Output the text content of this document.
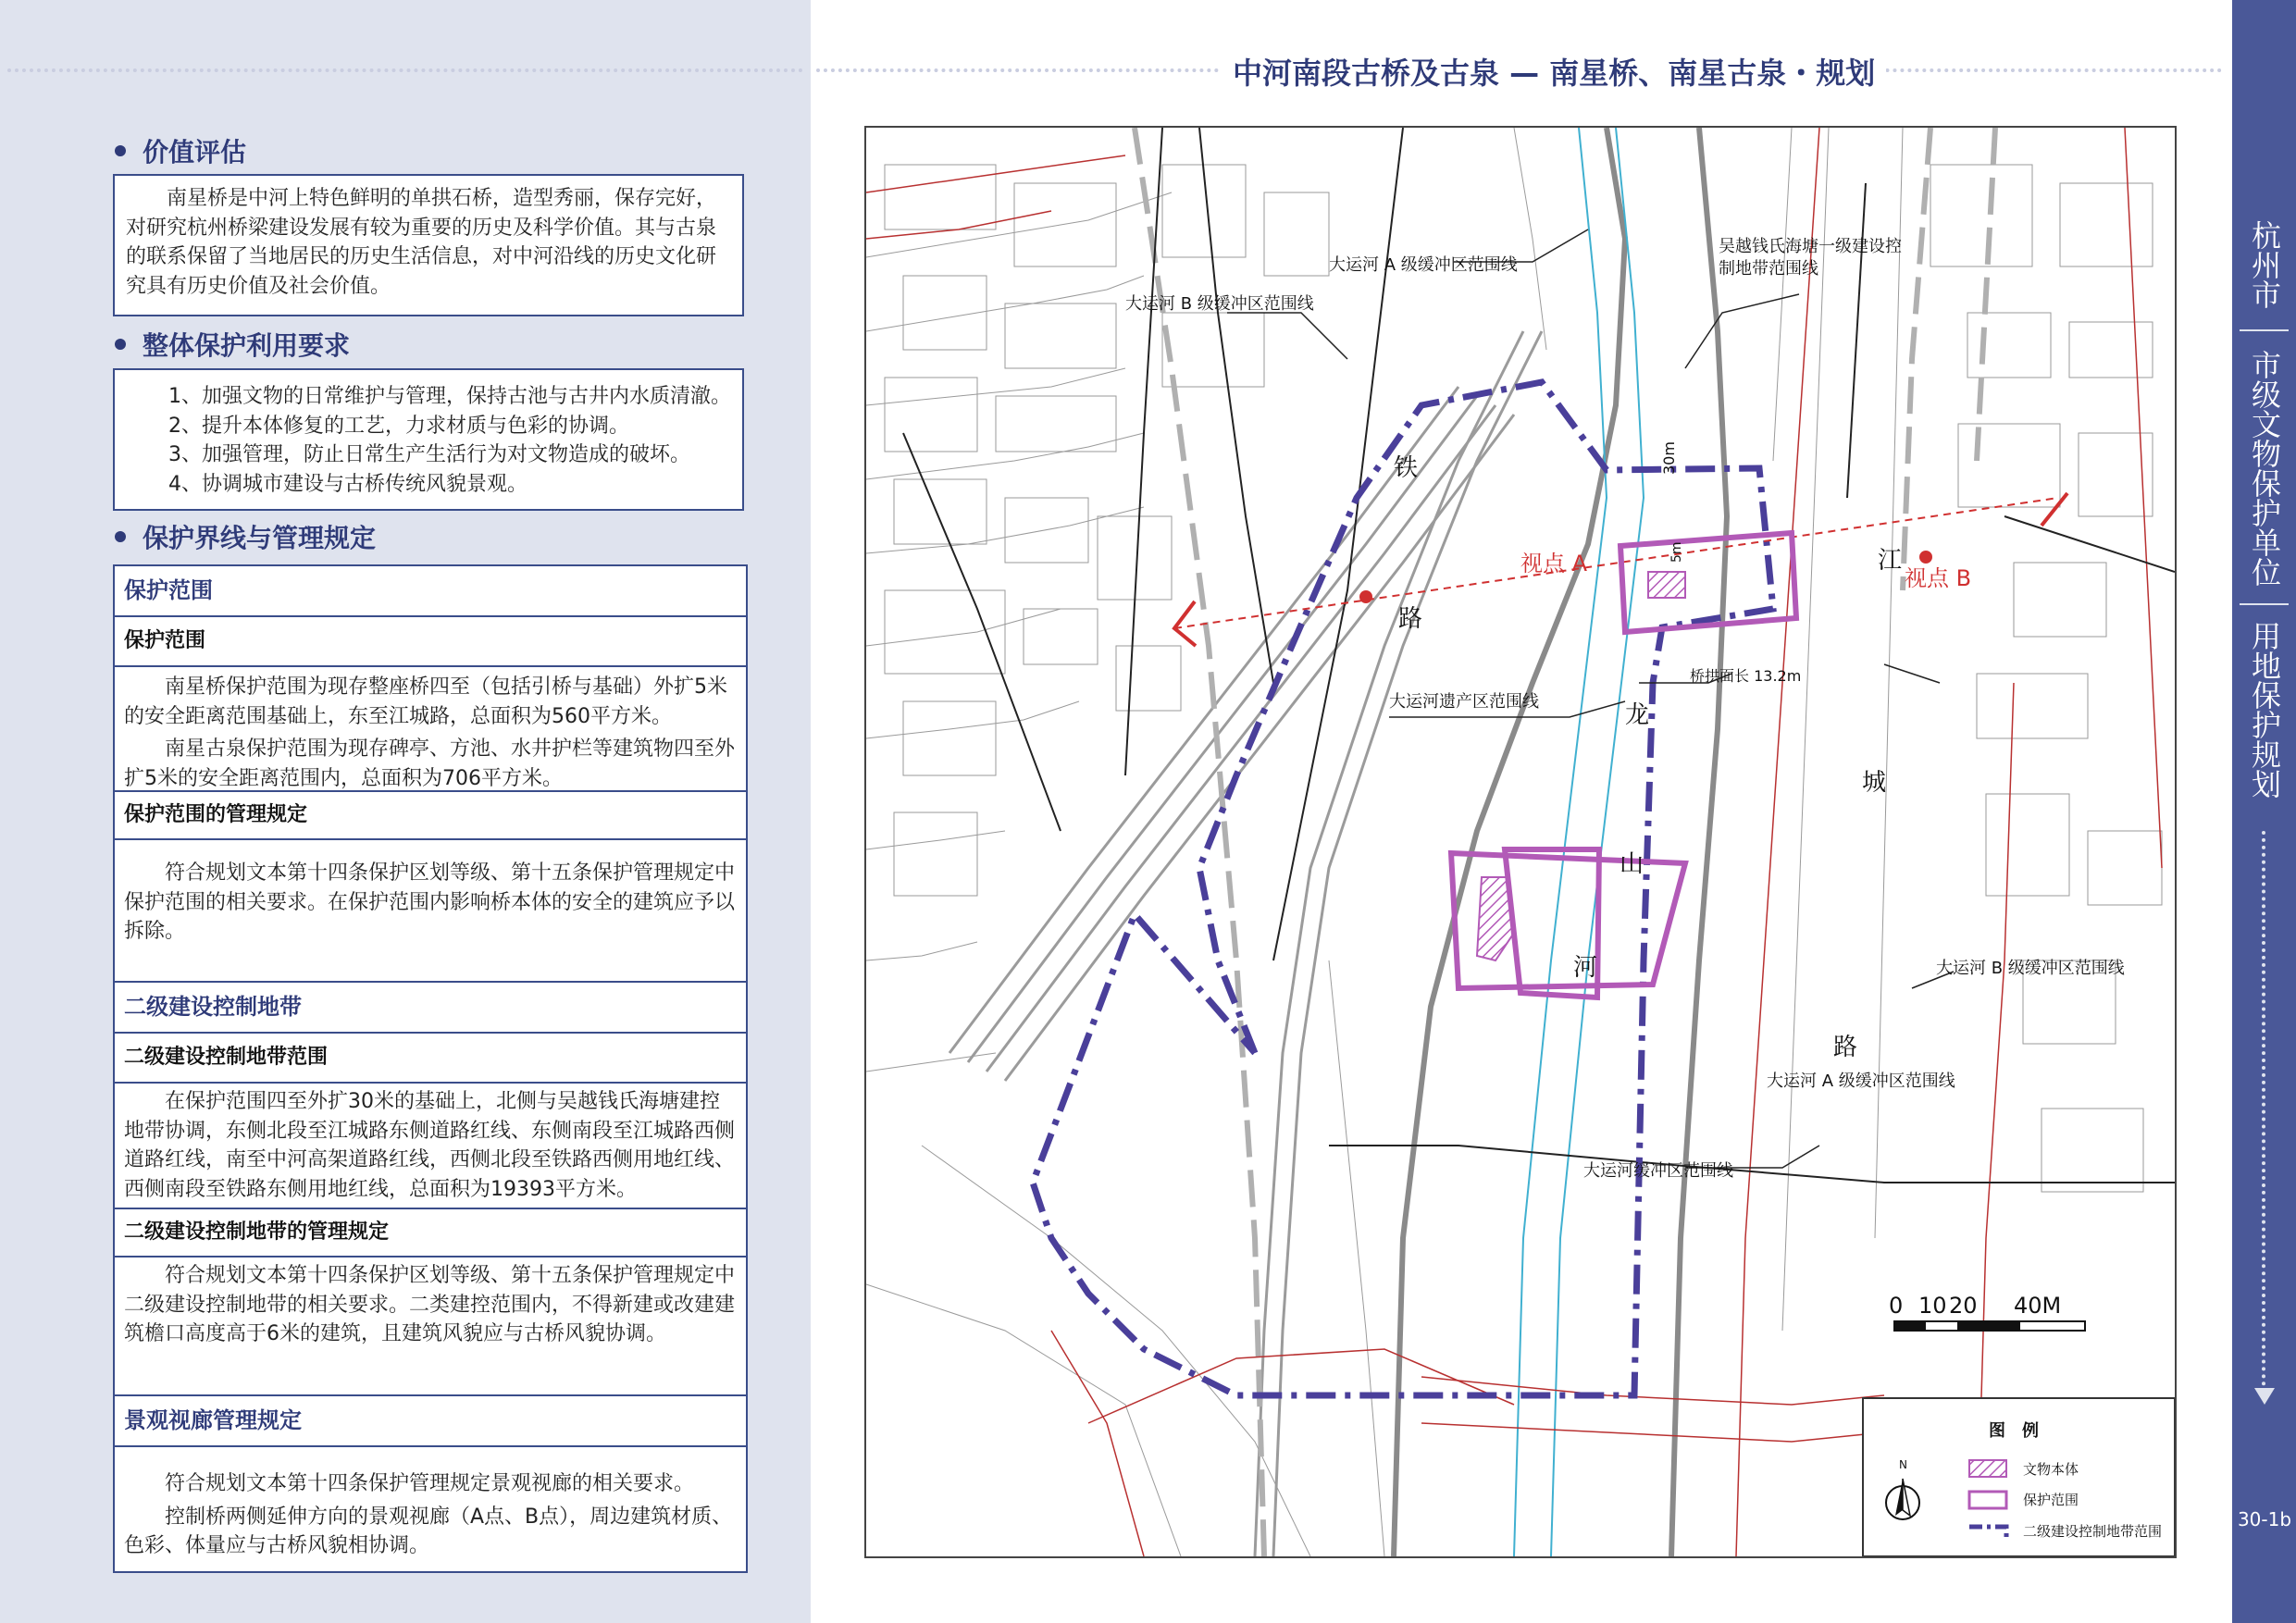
价值评估

南星桥是中河上特色鲜明的单拱石桥，造型秀丽，保存完好，对研究杭州桥梁建设发展有较为重要的历史及科学价值。其与古泉的联系保留了当地居民的历史生活信息，对中河沿线的历史文化研究具有历史价值及社会价值。

整体保护利用要求

1、加强文物的日常维护与管理，保持古池与古井内水质清澈。

2、提升本体修复的工艺，力求材质与色彩的协调。

3、加强管理，防止日常生产生活行为对文物造成的破坏。

4、协调城市建设与古桥传统风貌景观。

保护界线与管理规定
保护范围
保护范围

南星桥保护范围为现存整座桥四至（包括引桥与基础）外扩5米的安全距离范围基础上，东至江城路，总面积为560平方米。

南星古泉保护范围为现存碑亭、方池、水井护栏等建筑物四至外扩5米的安全距离范围内，总面积为706平方米。

保护范围的管理规定

符合规划文本第十四条保护区划等级、第十五条保护管理规定中保护范围的相关要求。在保护范围内影响桥本体的安全的建筑应予以拆除。

二级建设控制地带
二级建设控制地带范围

在保护范围四至外扩30米的基础上，北侧与吴越钱氏海塘建控地带协调，东侧北段至江城路东侧道路红线、东侧南段至江城路西侧道路红线，南至中河高架道路红线，西侧北段至铁路西侧用地红线、西侧南段至铁路东侧用地红线，总面积为19393平方米。

二级建设控制地带的管理规定

符合规划文本第十四条保护区划等级、第十五条保护管理规定中二级建设控制地带的相关要求。二类建控范围内，不得新建或改建建筑檐口高度高于6米的建筑，且建筑风貌应与古桥风貌协调。

景观视廊管理规定

符合规划文本第十四条保护管理规定景观视廊的相关要求。

控制桥两侧延伸方向的景观视廊（A点、B点），周边建筑材质、色彩、体量应与古桥风貌相协调。

中河南段古桥及古泉 — 南星桥、南星古泉・规划
大运河 A 级缓冲区范围线
大运河 B 级缓冲区范围线
吴越钱氏海塘一级建设控
制地带范围线
大运河遗产区范围线
大运河 B 级缓冲区范围线
大运河 A 级缓冲区范围线
大运河缓冲区范围线
桥拱面长 13.2m
30m
5m
铁
路
龙
山
河
江
城
路
视点 A
视点 B
0 10 20 40M
图　例
文物本体
保护范围
二级建设控制地带范围
N
杭州市
市级文物保护单位
用地保护规划
30-1b
